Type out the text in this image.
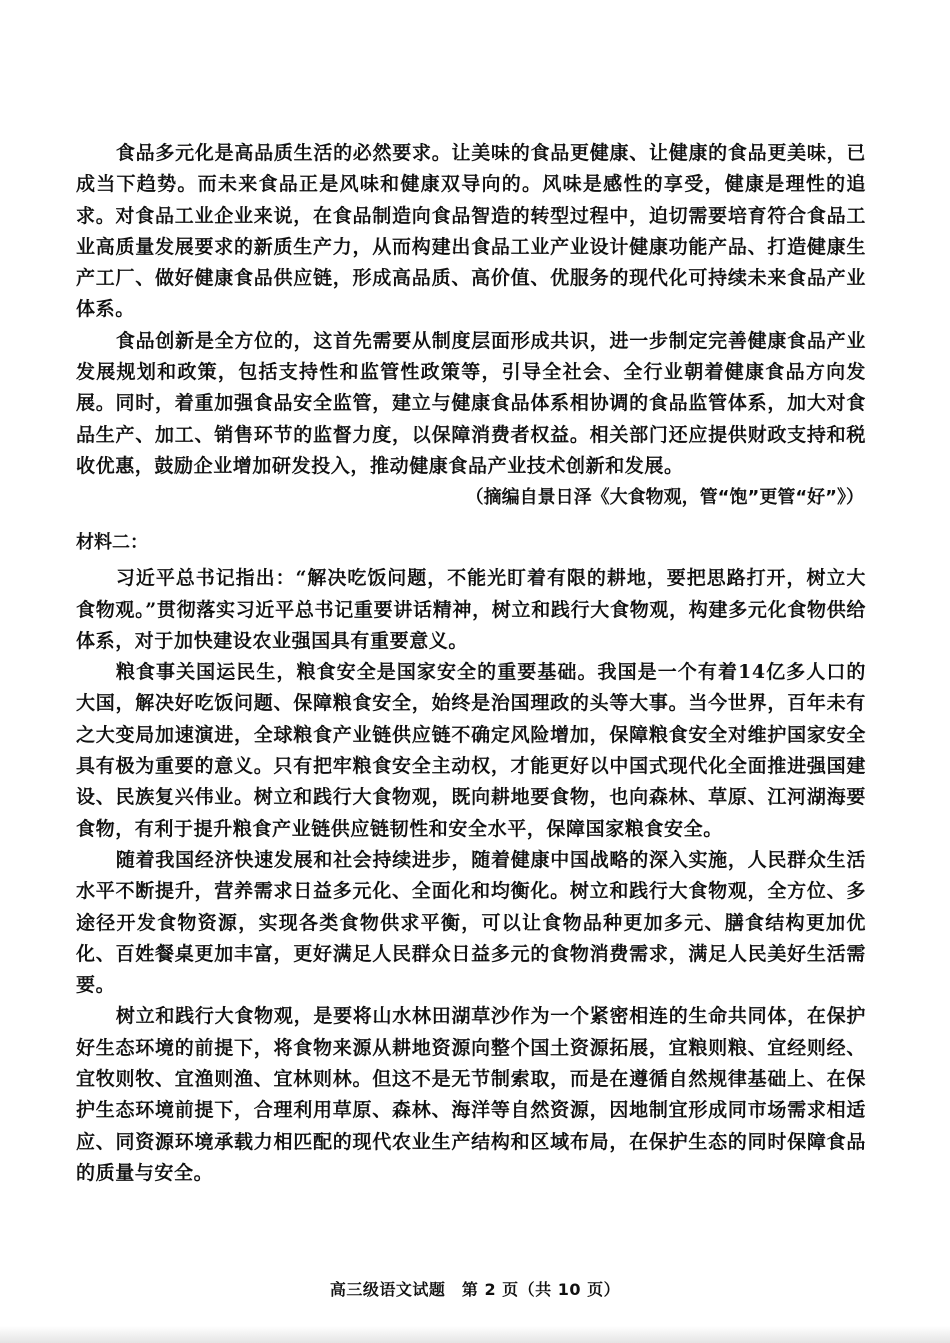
食品多元化是高品质生活的必然要求。让美味的食品更健康、让健康的食品更美味，已成当下趋势。而未来食品正是风味和健康双导向的。风味是感性的享受，健康是理性的追求。对食品工业企业来说，在食品制造向食品智造的转型过程中，迫切需要培育符合食品工业高质量发展要求的新质生产力，从而构建出食品工业产业设计健康功能产品、打造健康生产工厂、做好健康食品供应链，形成高品质、高价值、优服务的现代化可持续未来食品产业体系。

食品创新是全方位的，这首先需要从制度层面形成共识，进一步制定完善健康食品产业发展规划和政策，包括支持性和监管性政策等，引导全社会、全行业朝着健康食品方向发展。同时，着重加强食品安全监管，建立与健康食品体系相协调的食品监管体系，加大对食品生产、加工、销售环节的监督力度，以保障消费者权益。相关部门还应提供财政支持和税收优惠，鼓励企业增加研发投入，推动健康食品产业技术创新和发展。

（摘编自景日泽《大食物观，管“饱”更管“好”》）

材料二：

习近平总书记指出：“解决吃饭问题，不能光盯着有限的耕地，要把思路打开，树立大食物观。”贯彻落实习近平总书记重要讲话精神，树立和践行大食物观，构建多元化食物供给体系，对于加快建设农业强国具有重要意义。

粮食事关国运民生，粮食安全是国家安全的重要基础。我国是一个有着14亿多人口的大国，解决好吃饭问题、保障粮食安全，始终是治国理政的头等大事。当今世界，百年未有之大变局加速演进，全球粮食产业链供应链不确定风险增加，保障粮食安全对维护国家安全具有极为重要的意义。只有把牢粮食安全主动权，才能更好以中国式现代化全面推进强国建设、民族复兴伟业。树立和践行大食物观，既向耕地要食物，也向森林、草原、江河湖海要食物，有利于提升粮食产业链供应链韧性和安全水平，保障国家粮食安全。

随着我国经济快速发展和社会持续进步，随着健康中国战略的深入实施，人民群众生活水平不断提升，营养需求日益多元化、全面化和均衡化。树立和践行大食物观，全方位、多途径开发食物资源，实现各类食物供求平衡，可以让食物品种更加多元、膳食结构更加优化、百姓餐桌更加丰富，更好满足人民群众日益多元的食物消费需求，满足人民美好生活需要。

树立和践行大食物观，是要将山水林田湖草沙作为一个紧密相连的生命共同体，在保护好生态环境的前提下，将食物来源从耕地资源向整个国土资源拓展，宜粮则粮、宜经则经、宜牧则牧、宜渔则渔、宜林则林。但这不是无节制索取，而是在遵循自然规律基础上、在保护生态环境前提下，合理利用草原、森林、海洋等自然资源，因地制宜形成同市场需求相适应、同资源环境承载力相匹配的现代农业生产结构和区域布局，在保护生态的同时保障食品的质量与安全。

高三级语文试题　第 2 页（共 10 页）
